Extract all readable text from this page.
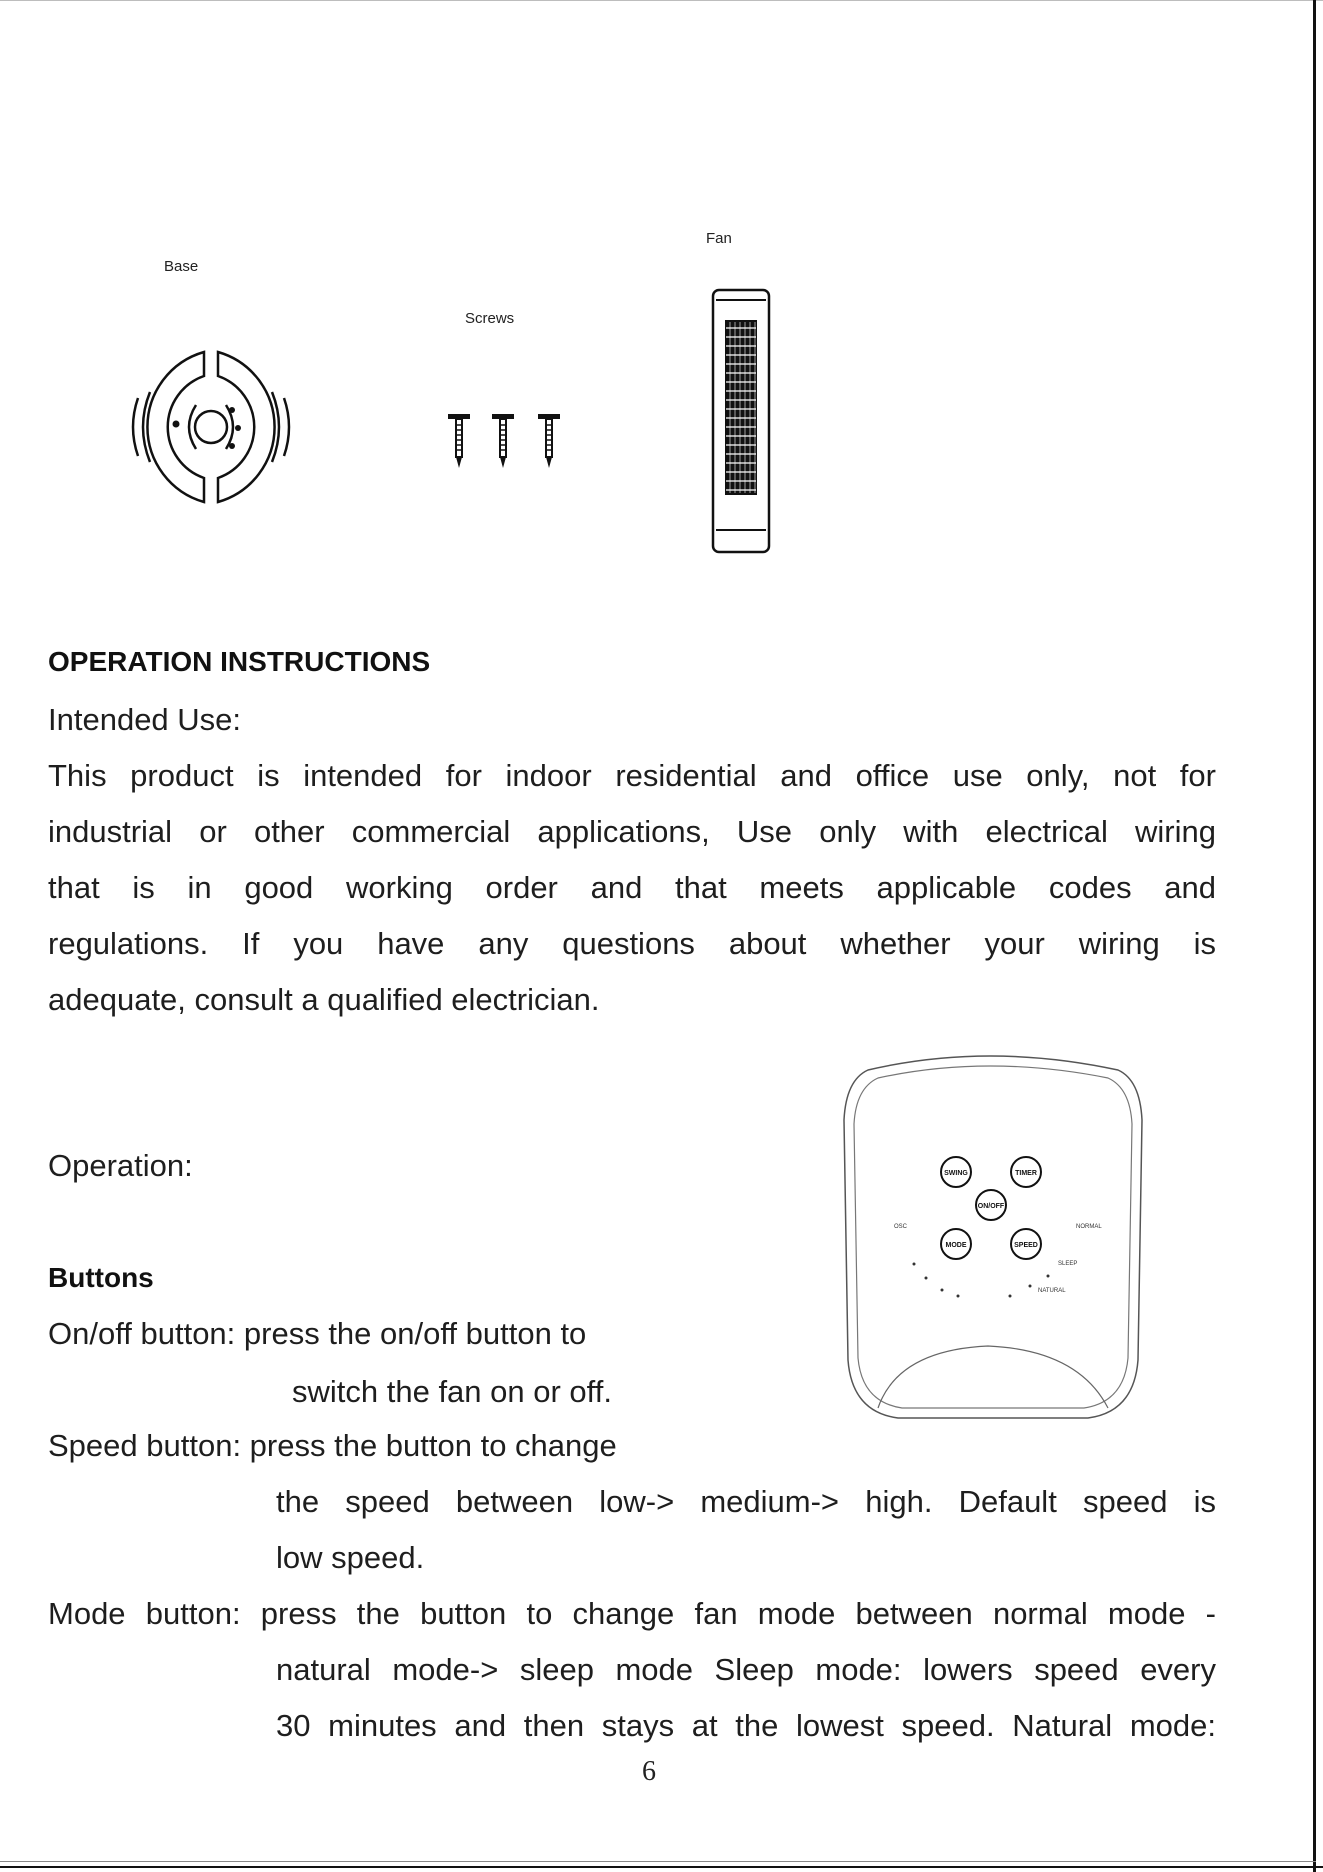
Base
Screws
Fan
OPERATION INSTRUCTIONS
Intended Use:
This product is intended for indoor residential and office use only, not for
industrial or other commercial applications, Use only with electrical wiring
that is in good working order and that meets applicable codes and
regulations. If you have any questions about whether your wiring is
adequate, consult a qualified electrician.
Operation:
Buttons
On/off button: press the on/off button to
switch the fan on or off.
Speed button: press the button to change
the speed between low-> medium-> high. Default speed is
low speed.
Mode button: press the button to change fan mode between normal mode -
natural mode-> sleep mode Sleep mode: lowers speed every
30 minutes and then stays at the lowest speed. Natural mode:
6
SWING	TIMER
ON/OFF
MODE	SPEED
OSC	NORMAL
SLEEP
NATURAL
